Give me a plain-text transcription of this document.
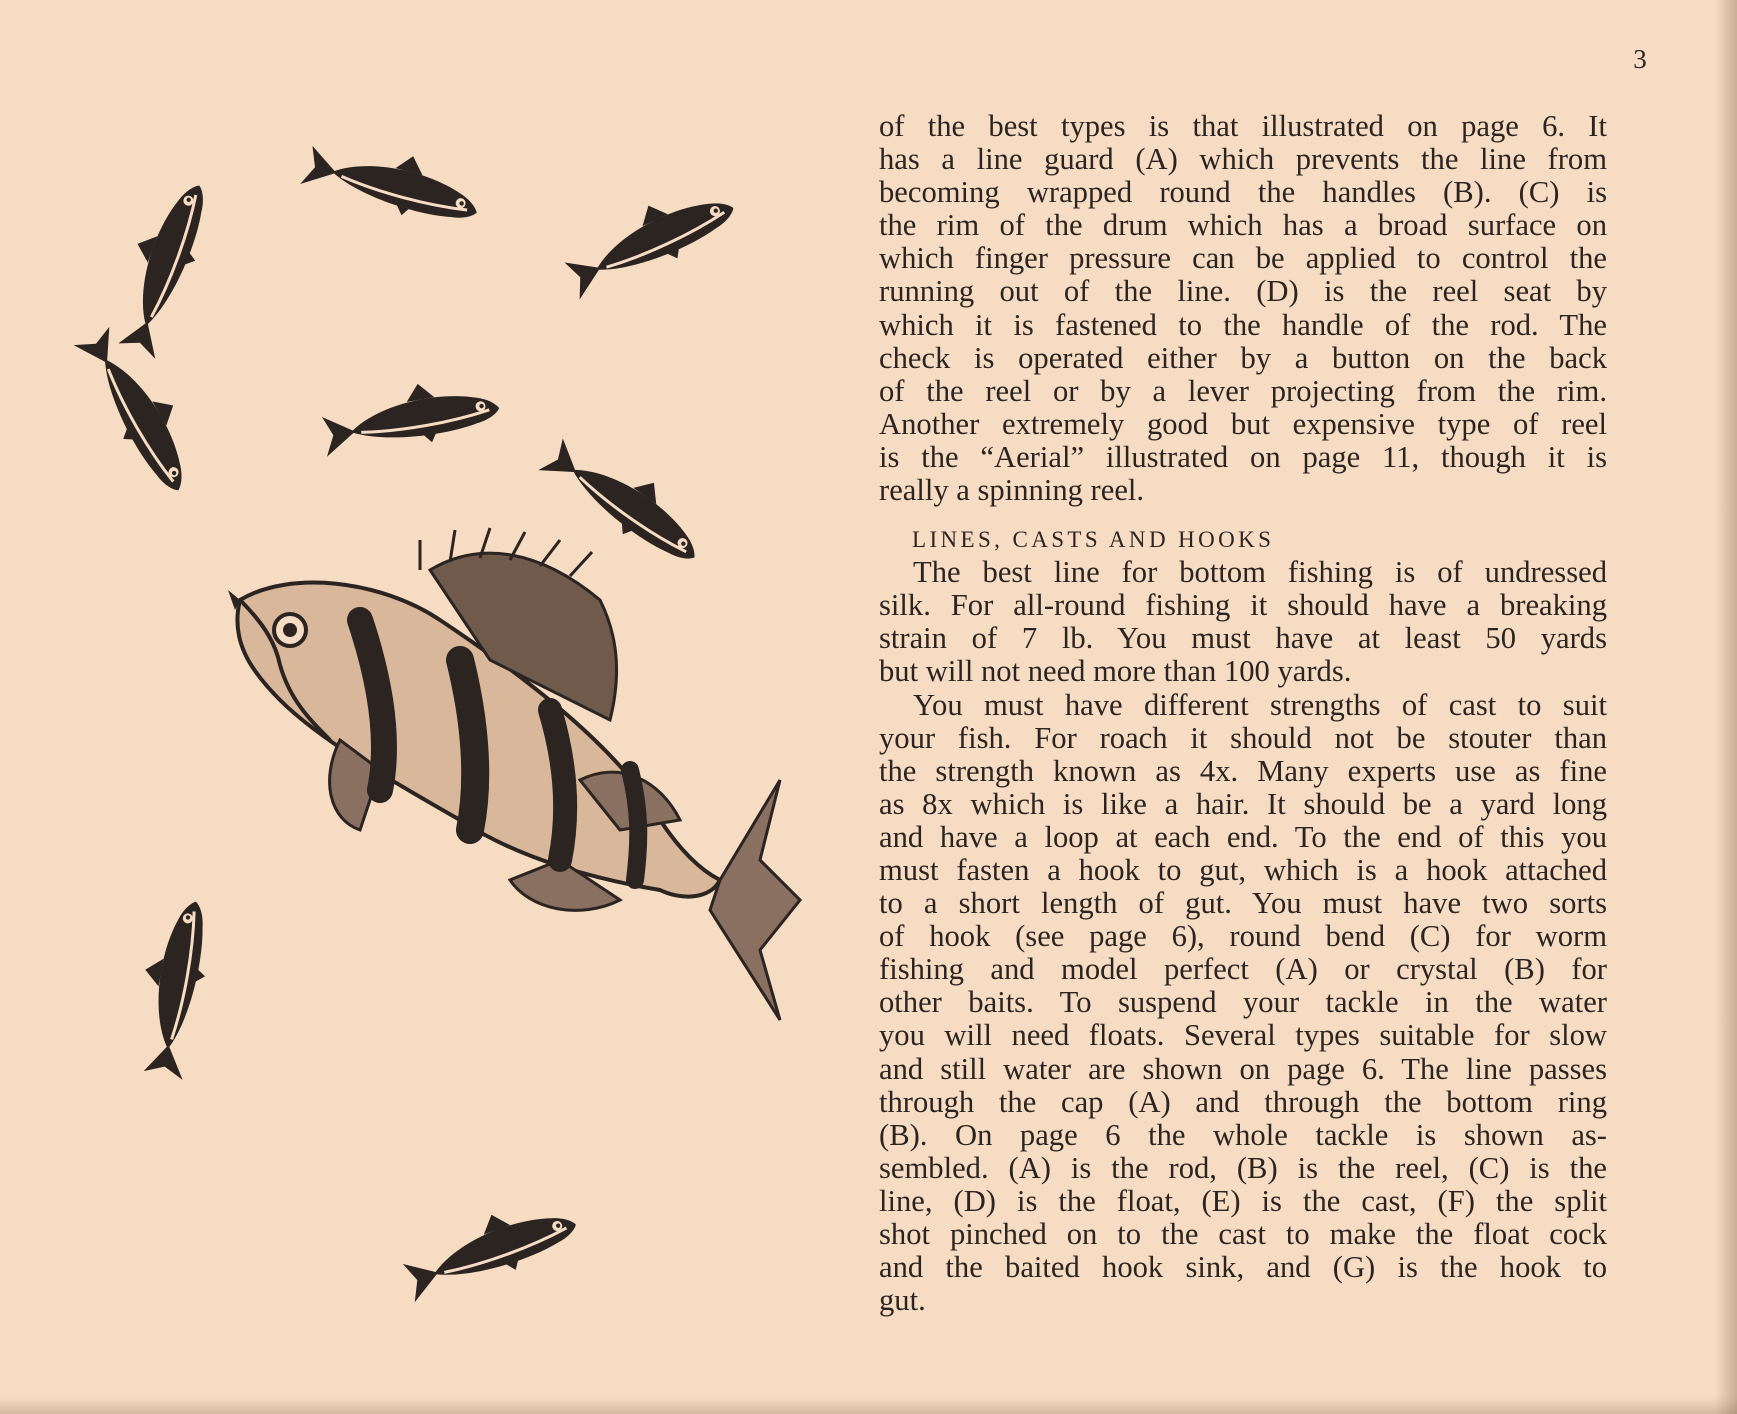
3
of the best types is that illustrated on page 6. It
has a line guard (A) which prevents the line from
becoming wrapped round the handles (B). (C) is
the rim of the drum which has a broad surface on
which finger pressure can be applied to control the
running out of the line. (D) is the reel seat by
which it is fastened to the handle of the rod. The
check is operated either by a button on the back
of the reel or by a lever projecting from the rim.
Another extremely good but expensive type of reel
is the “Aerial” illustrated on page 11, though it is
really a spinning reel.
LINES, CASTS AND HOOKS
The best line for bottom fishing is of undressed
silk. For all-round fishing it should have a breaking
strain of 7 lb. You must have at least 50 yards
but will not need more than 100 yards.
You must have different strengths of cast to suit
your fish. For roach it should not be stouter than
the strength known as 4x. Many experts use as fine
as 8x which is like a hair. It should be a yard long
and have a loop at each end. To the end of this you
must fasten a hook to gut, which is a hook attached
to a short length of gut. You must have two sorts
of hook (see page 6), round bend (C) for worm
fishing and model perfect (A) or crystal (B) for
other baits. To suspend your tackle in the water
you will need floats. Several types suitable for slow
and still water are shown on page 6. The line passes
through the cap (A) and through the bottom ring
(B). On page 6 the whole tackle is shown as-
sembled. (A) is the rod, (B) is the reel, (C) is the
line, (D) is the float, (E) is the cast, (F) the split
shot pinched on to the cast to make the float cock
and the baited hook sink, and (G) is the hook to
gut.
